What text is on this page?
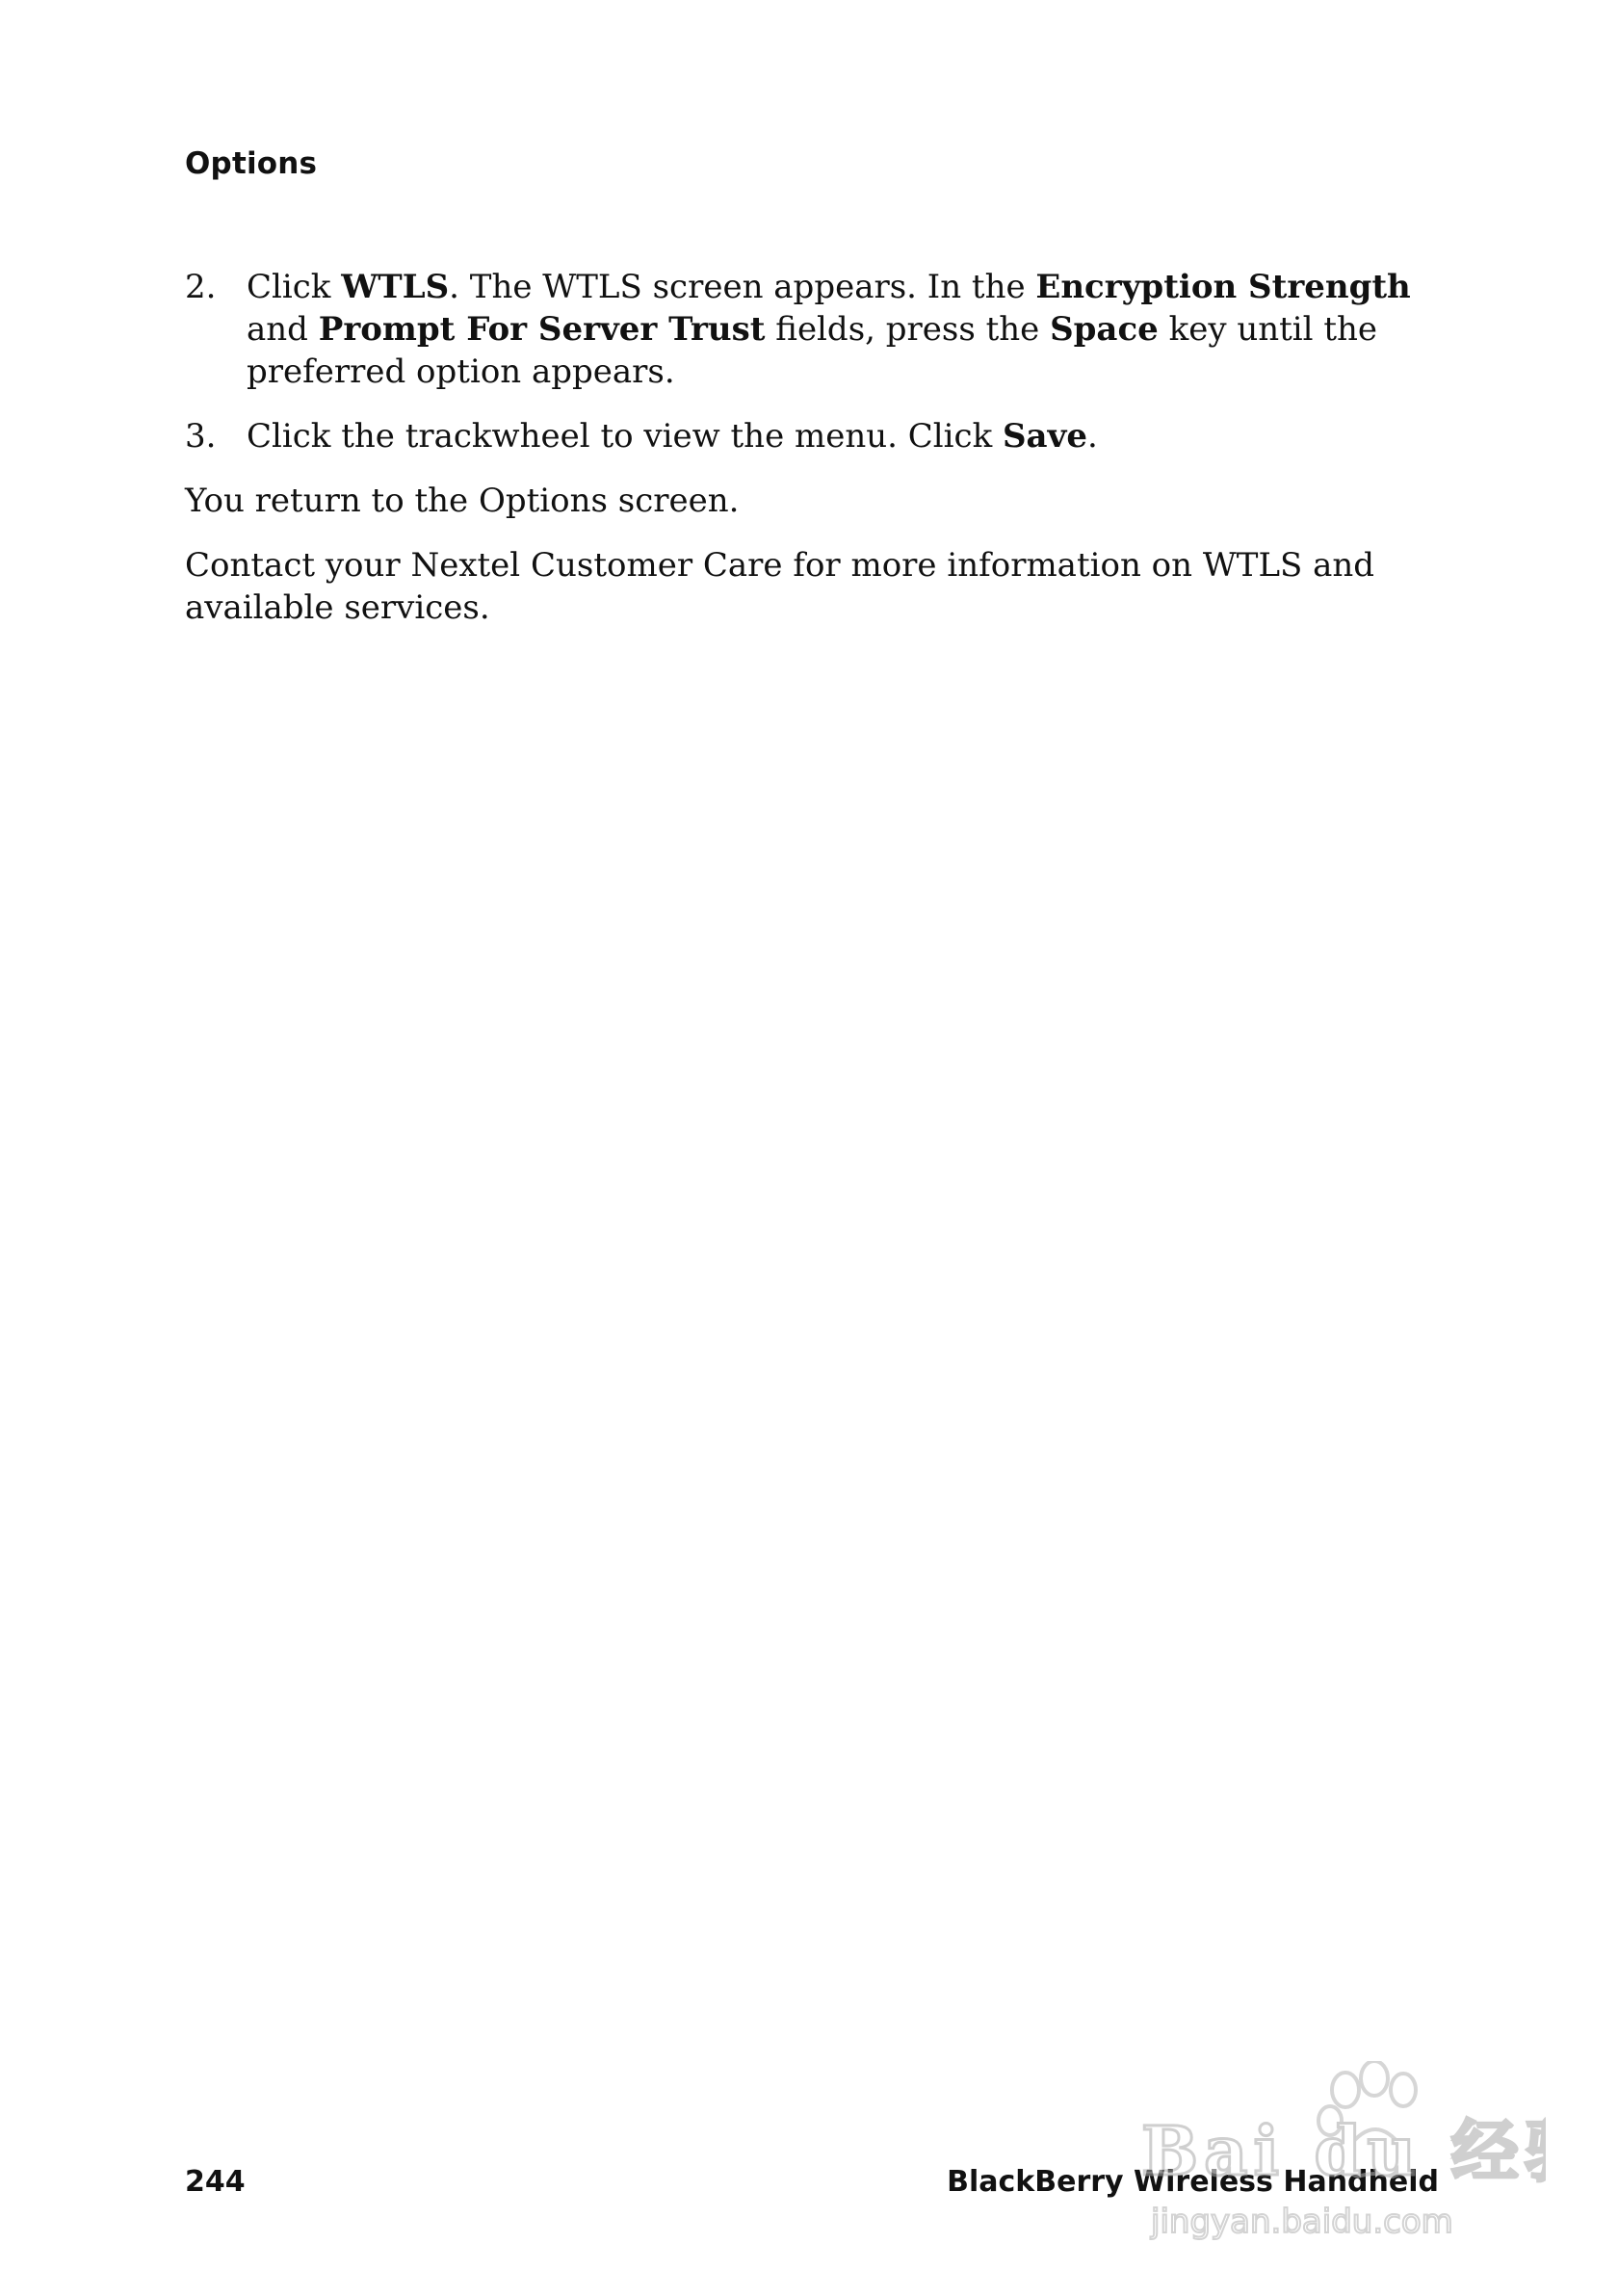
Options
2. Click WTLS. The WTLS screen appears. In the Encryption Strength and Prompt For Server Trust fields, press the Space key until the preferred option appears.
3. Click the trackwheel to view the menu. Click Save.

You return to the Options screen.

Contact your Nextel Customer Care for more information on WTLS and available services.

244	BlackBerry Wireless Handheld
Bai du 经
jingyan.baidu.com
